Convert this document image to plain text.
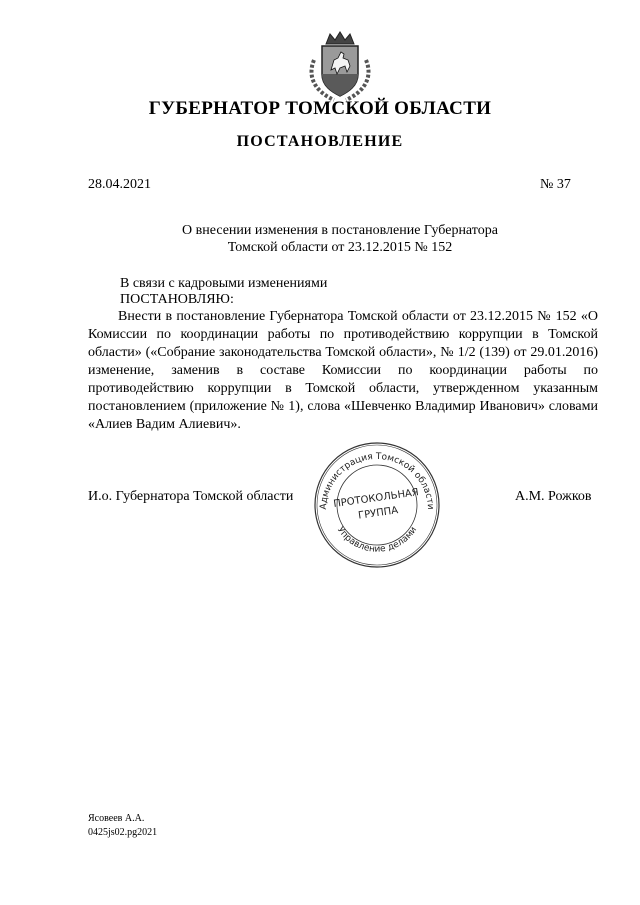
ГУБЕРНАТОР ТОМСКОЙ ОБЛАСТИ
ПОСТАНОВЛЕНИЕ
28.04.2021	№ 37
О внесении изменения в постановление Губернатора
Томской области от 23.12.2015 № 152
В связи с кадровыми изменениями
ПОСТАНОВЛЯЮ:
Внести в постановление Губернатора Томской области от 23.12.2015 № 152 «О Комиссии по координации работы по противодействию коррупции в Томской области» («Собрание законодательства Томской области», № 1/2 (139) от 29.01.2016) изменение, заменив в составе Комиссии по координации работы по противодействию коррупции в Томской области, утвержденном указанным постановлением (приложение № 1), слова «Шевченко Владимир Иванович» словами «Алиев Вадим Алиевич».
И.о. Губернатора Томской области	А.М. Рожков
Администрация Томской области
Управление делами
ПРОТОКОЛЬНАЯ
ГРУППА
Ясовеев А.А.
0425js02.pg2021
